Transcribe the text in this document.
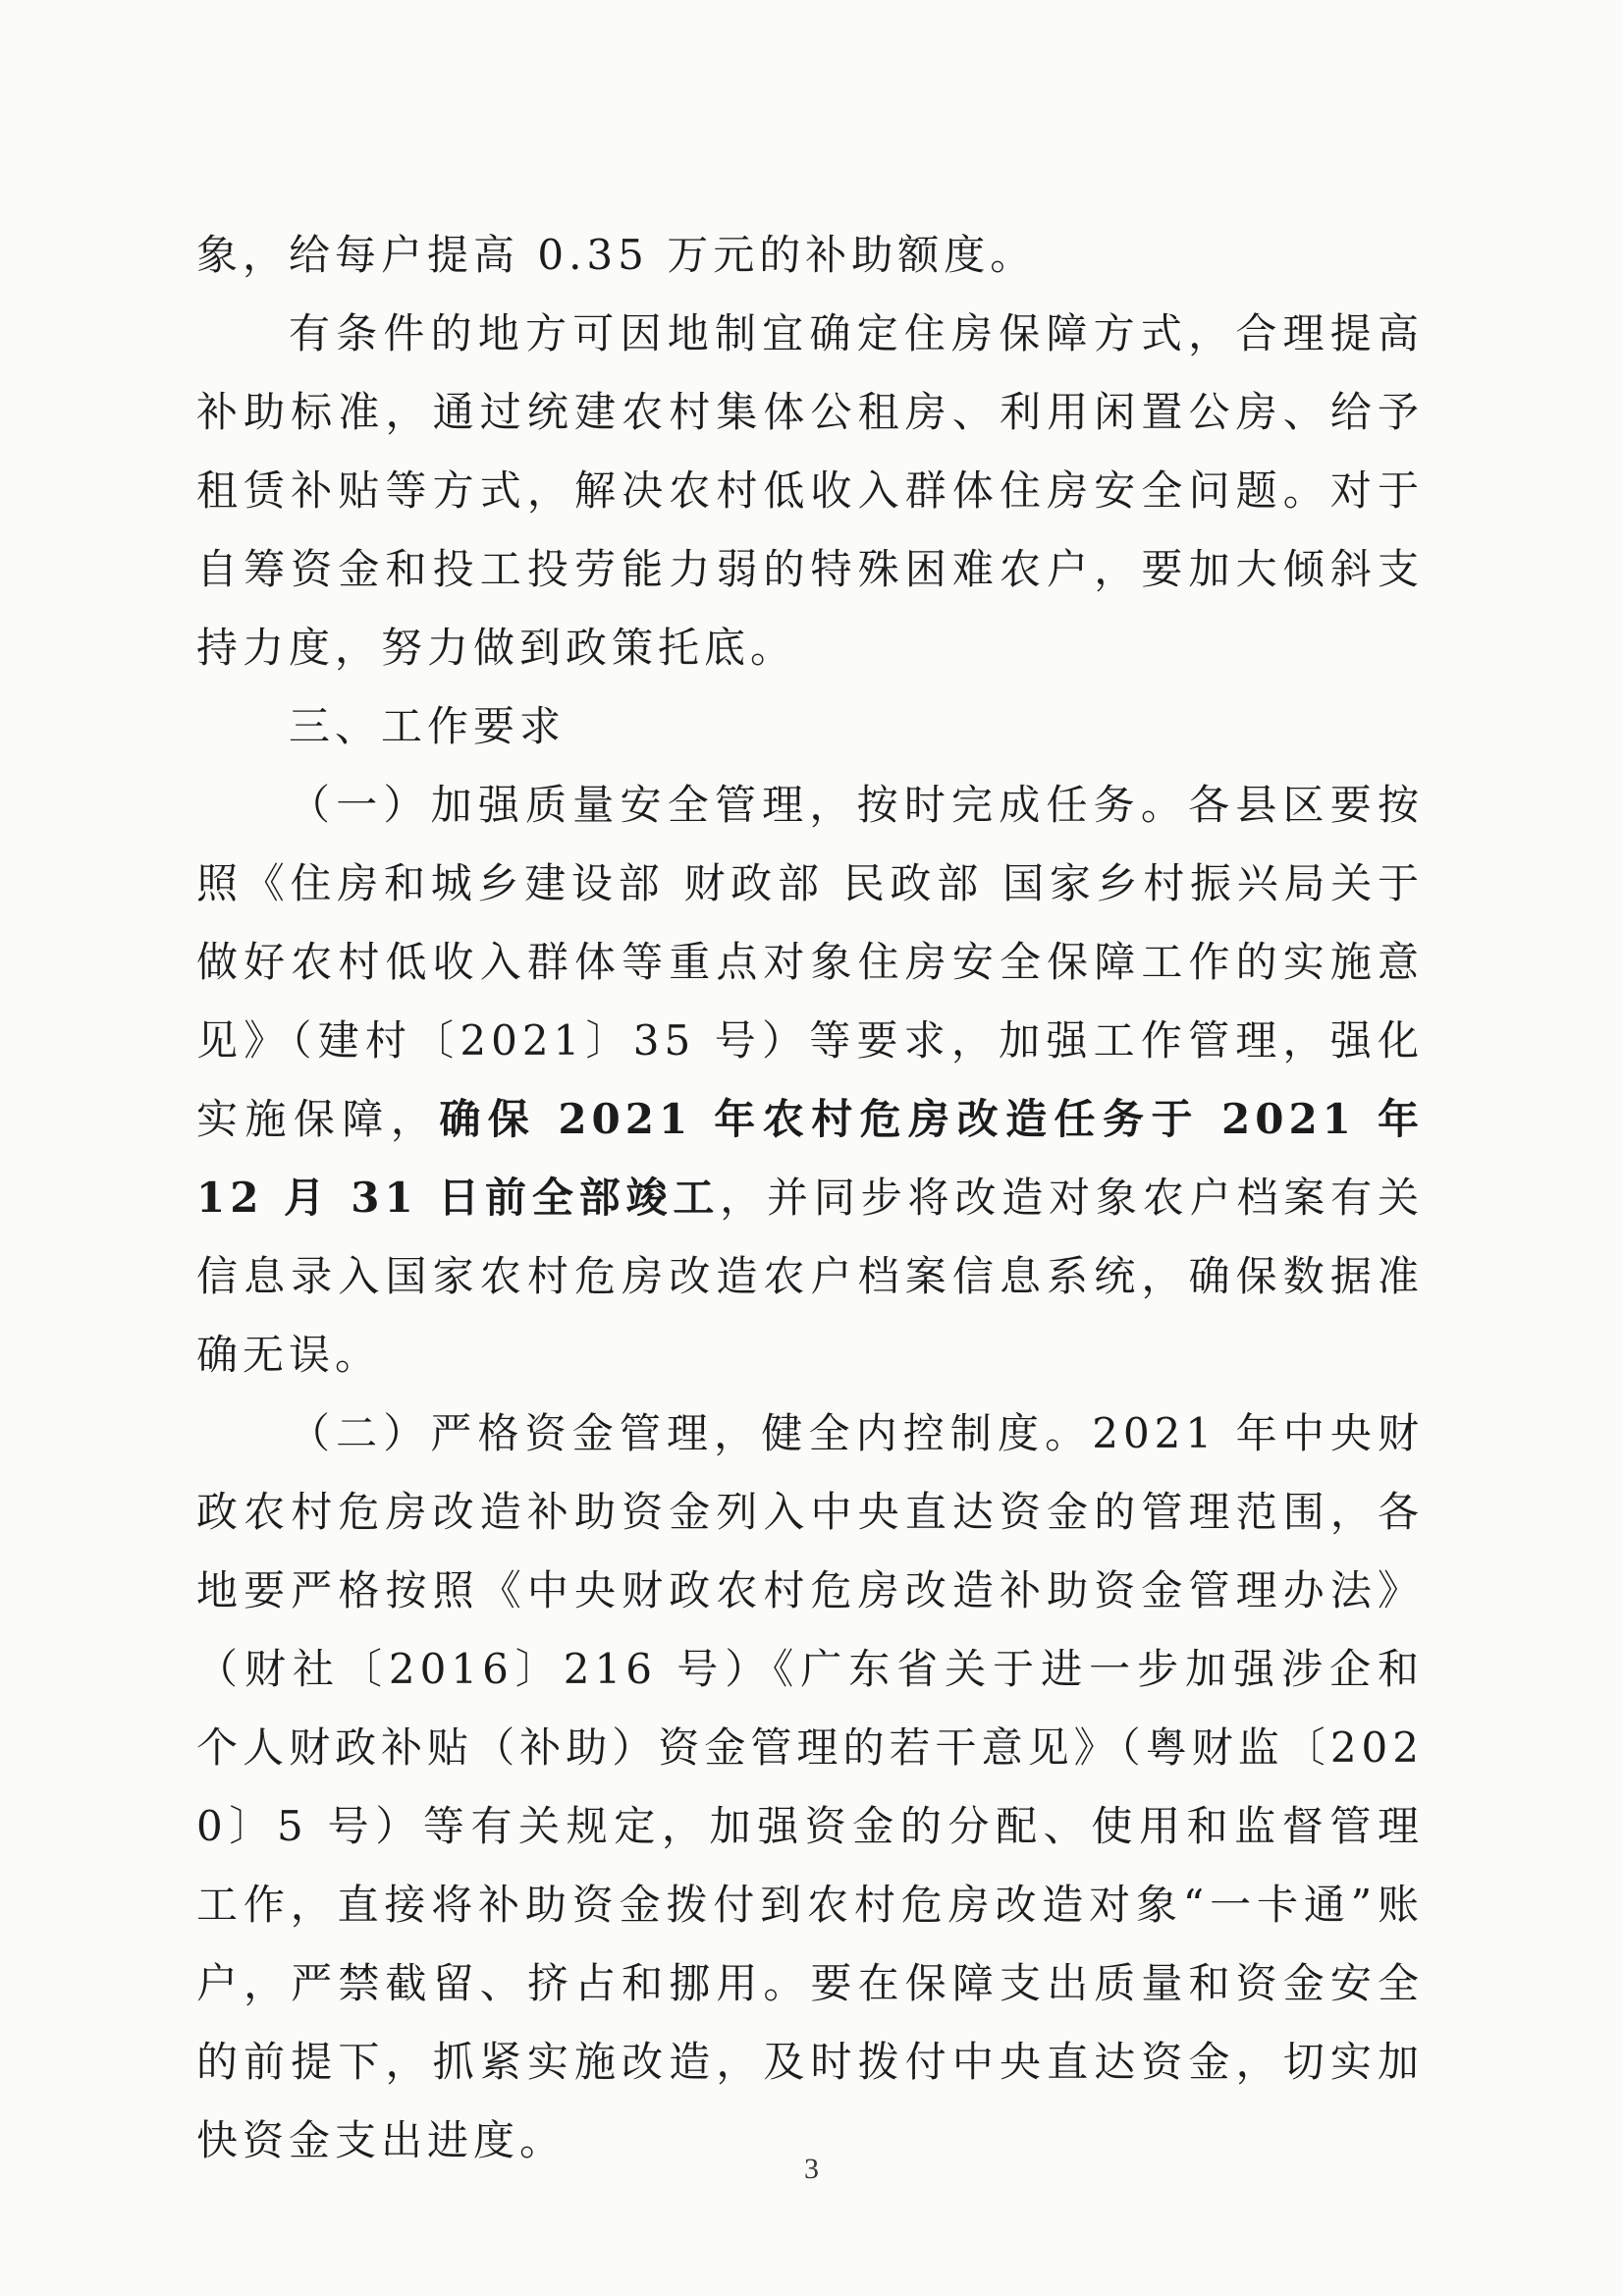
象，给每户提高 0.35 万元的补助额度。

有条件的地方可因地制宜确定住房保障方式，合理提高补助标准，通过统建农村集体公租房、利用闲置公房、给予租赁补贴等方式，解决农村低收入群体住房安全问题。对于自筹资金和投工投劳能力弱的特殊困难农户，要加大倾斜支持力度，努力做到政策托底。

三、工作要求

（一）加强质量安全管理，按时完成任务。各县区要按照《住房和城乡建设部 财政部 民政部 国家乡村振兴局关于做好农村低收入群体等重点对象住房安全保障工作的实施意见》（建村〔2021〕35 号）等要求，加强工作管理，强化实施保障，确保 2021 年农村危房改造任务于 2021 年 12 月 31 日前全部竣工，并同步将改造对象农户档案有关信息录入国家农村危房改造农户档案信息系统，确保数据准确无误。

（二）严格资金管理，健全内控制度。2021 年中央财政农村危房改造补助资金列入中央直达资金的管理范围，各地要严格按照《中央财政农村危房改造补助资金管理办法》（财社〔2016〕216 号）《广东省关于进一步加强涉企和个人财政补贴（补助）资金管理的若干意见》（粤财监〔2020〕5 号）等有关规定，加强资金的分配、使用和监督管理工作，直接将补助资金拨付到农村危房改造对象“一卡通”账户，严禁截留、挤占和挪用。要在保障支出质量和资金安全的前提下，抓紧实施改造，及时拨付中央直达资金，切实加快资金支出进度。

3
